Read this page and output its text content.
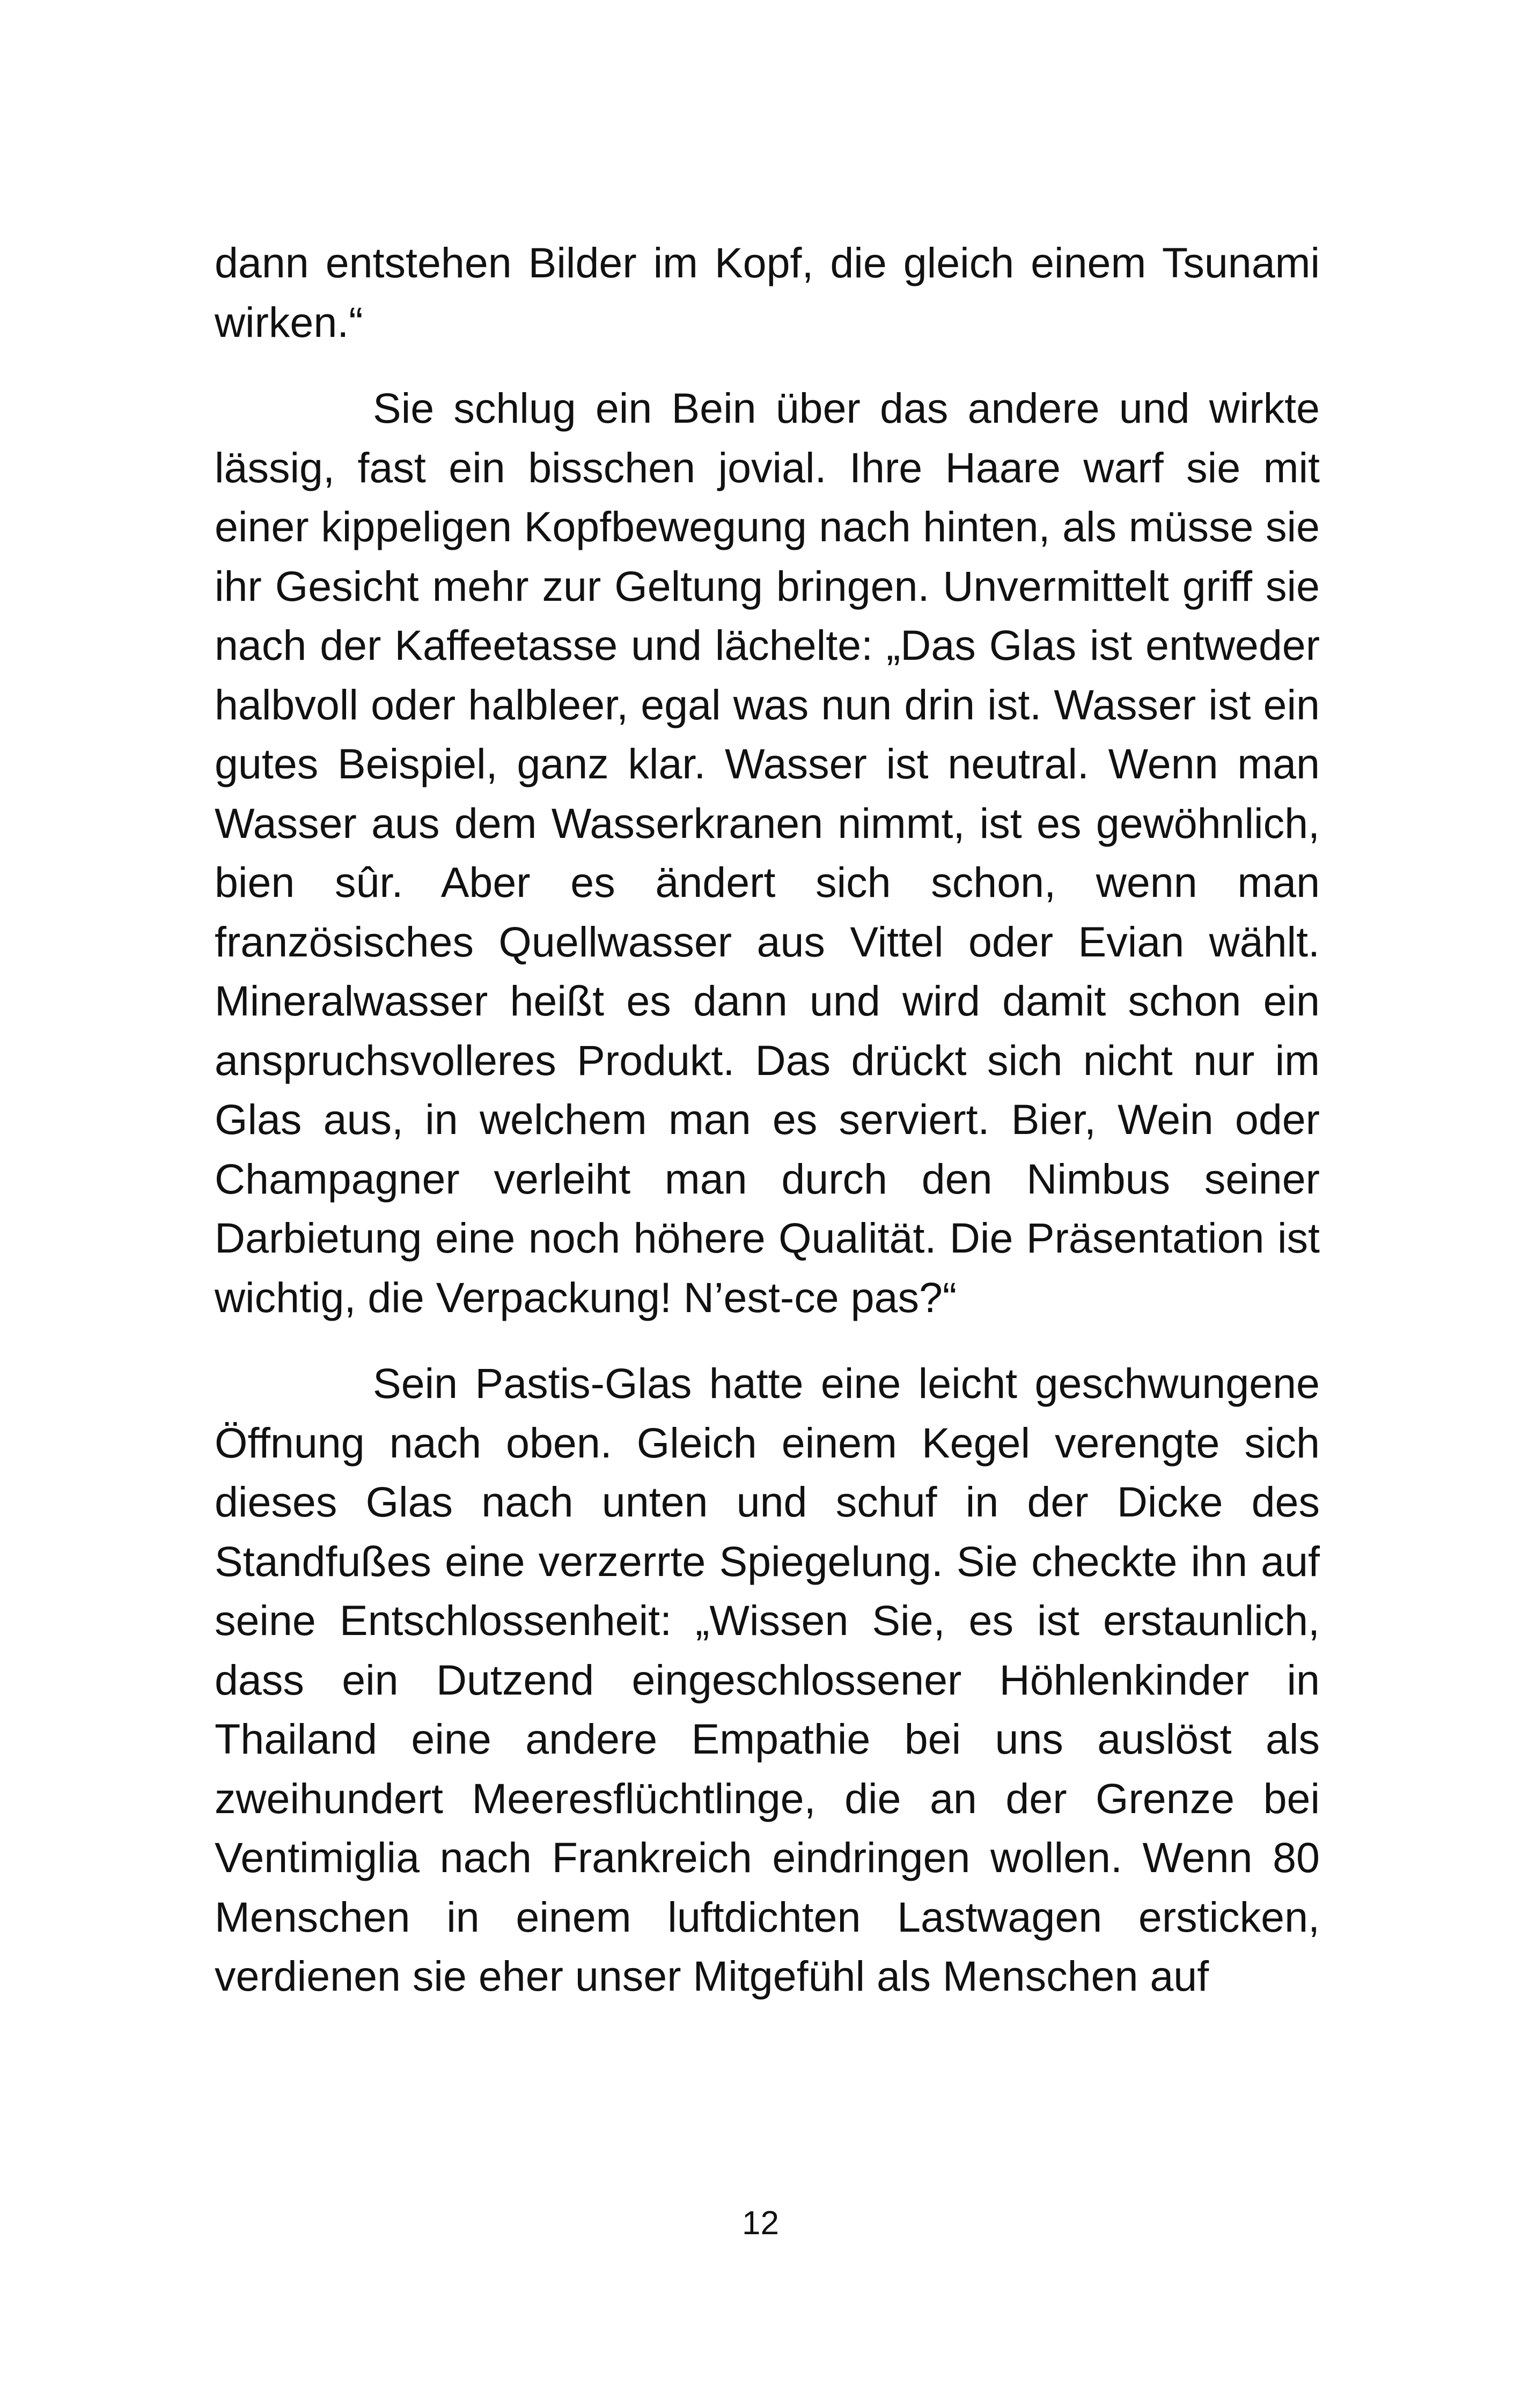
dann entstehen Bilder im Kopf, die gleich einem Tsunami wirken.“

Sie schlug ein Bein über das andere und wirkte lässig, fast ein bisschen jovial. Ihre Haare warf sie mit einer kippeligen Kopfbewegung nach hinten, als müsse sie ihr Gesicht mehr zur Geltung bringen. Unvermittelt griff sie nach der Kaffeetasse und lächelte: „Das Glas ist entweder halbvoll oder halbleer, egal was nun drin ist. Wasser ist ein gutes Beispiel, ganz klar. Wasser ist neutral. Wenn man Wasser aus dem Wasserkranen nimmt, ist es gewöhnlich, bien sûr. Aber es ändert sich schon, wenn man französisches Quellwasser aus Vittel oder Evian wählt. Mineralwasser heißt es dann und wird damit schon ein anspruchsvolleres Produkt. Das drückt sich nicht nur im Glas aus, in welchem man es serviert. Bier, Wein oder Champagner verleiht man durch den Nimbus seiner Darbietung eine noch höhere Qualität. Die Präsentation ist wichtig, die Verpackung! N’est-ce pas?“

Sein Pastis-Glas hatte eine leicht geschwungene Öffnung nach oben. Gleich einem Kegel verengte sich dieses Glas nach unten und schuf in der Dicke des Standfußes eine verzerrte Spiegelung. Sie checkte ihn auf seine Entschlossenheit: „Wissen Sie, es ist erstaunlich, dass ein Dutzend eingeschlossener Höhlenkinder in Thailand eine andere Empathie bei uns auslöst als zweihundert Meeresflüchtlinge, die an der Grenze bei Ventimiglia nach Frankreich eindringen wollen. Wenn 80 Menschen in einem luftdichten Lastwagen ersticken, verdienen sie eher unser Mitgefühl als Menschen auf

12
